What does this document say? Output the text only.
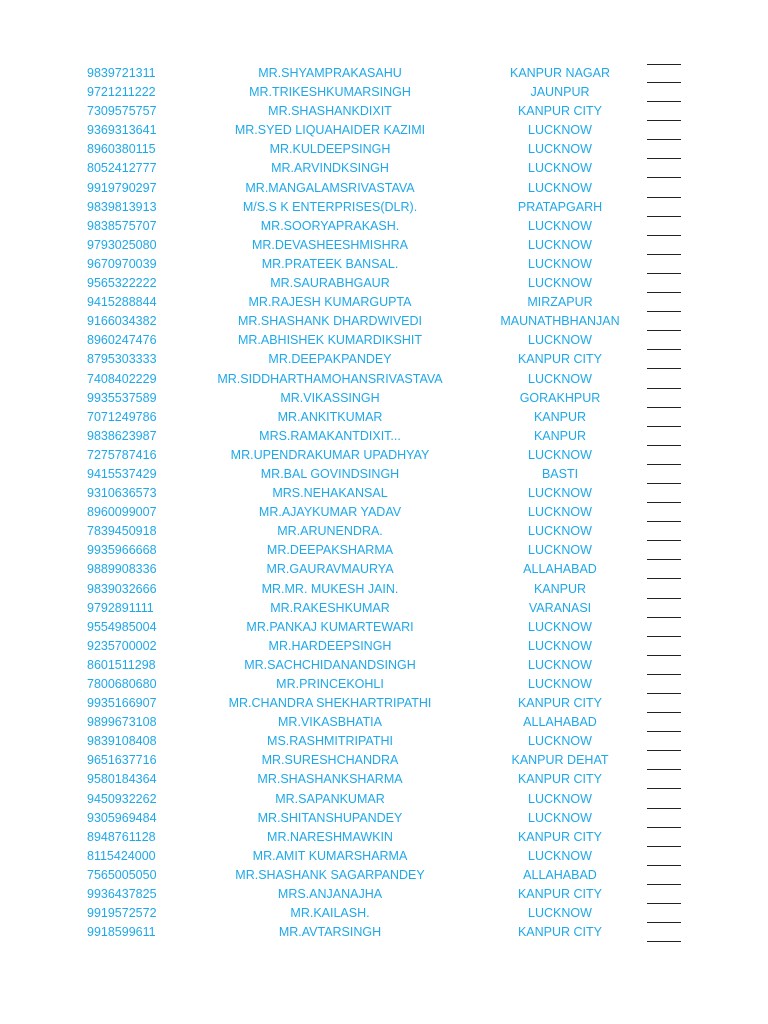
9839721311	MR.SHYAMPRAKASAHU	KANPUR NAGAR
9721211222	MR.TRIKESHKUMARSINGH	JAUNPUR
7309575757	MR.SHASHANKDIXIT	KANPUR CITY
9369313641	MR.SYED LIQUAHAIDER KAZIMI	LUCKNOW
8960380115	MR.KULDEEPSINGH	LUCKNOW
8052412777	MR.ARVINDKSINGH	LUCKNOW
9919790297	MR.MANGALAMSRIVASTAVA	LUCKNOW
9839813913	M/S.S K ENTERPRISES(DLR).	PRATAPGARH
9838575707	MR.SOORYAPRAKASH.	LUCKNOW
9793025080	MR.DEVASHEESHMISHRA	LUCKNOW
9670970039	MR.PRATEEK BANSAL.	LUCKNOW
9565322222	MR.SAURABHGAUR	LUCKNOW
9415288844	MR.RAJESH KUMARGUPTA	MIRZAPUR
9166034382	MR.SHASHANK DHARDWIVEDI	MAUNATHBHANJAN
8960247476	MR.ABHISHEK KUMARDIKSHIT	LUCKNOW
8795303333	MR.DEEPAKPANDEY	KANPUR CITY
7408402229	MR.SIDDHARTHAMOHANSRIVASTAVA	LUCKNOW
9935537589	MR.VIKASSINGH	GORAKHPUR
7071249786	MR.ANKITKUMAR	KANPUR
9838623987	MRS.RAMAKANTDIXIT...	KANPUR
7275787416	MR.UPENDRAKUMAR UPADHYAY	LUCKNOW
9415537429	MR.BAL GOVINDSINGH	BASTI
9310636573	MRS.NEHAKANSAL	LUCKNOW
8960099007	MR.AJAYKUMAR YADAV	LUCKNOW
7839450918	MR.ARUNENDRA.	LUCKNOW
9935966668	MR.DEEPAKSHARMA	LUCKNOW
9889908336	MR.GAURAVMAURYA	ALLAHABAD
9839032666	MR.MR. MUKESH JAIN.	KANPUR
9792891111	MR.RAKESHKUMAR	VARANASI
9554985004	MR.PANKAJ KUMARTEWARI	LUCKNOW
9235700002	MR.HARDEEPSINGH	LUCKNOW
8601511298	MR.SACHCHIDANANDSINGH	LUCKNOW
7800680680	MR.PRINCEKOHLI	LUCKNOW
9935166907	MR.CHANDRA SHEKHARTRIPATHI	KANPUR CITY
9899673108	MR.VIKASBHATIA	ALLAHABAD
9839108408	MS.RASHMITRIPATHI	LUCKNOW
9651637716	MR.SURESHCHANDRA	KANPUR DEHAT
9580184364	MR.SHASHANKSHARMA	KANPUR CITY
9450932262	MR.SAPANKUMAR	LUCKNOW
9305969484	MR.SHITANSHUPANDEY	LUCKNOW
8948761128	MR.NARESHMAWKIN	KANPUR CITY
8115424000	MR.AMIT KUMARSHARMA	LUCKNOW
7565005050	MR.SHASHANK SAGARPANDEY	ALLAHABAD
9936437825	MRS.ANJANAJHA	KANPUR CITY
9919572572	MR.KAILASH.	LUCKNOW
9918599611	MR.AVTARSINGH	KANPUR CITY
